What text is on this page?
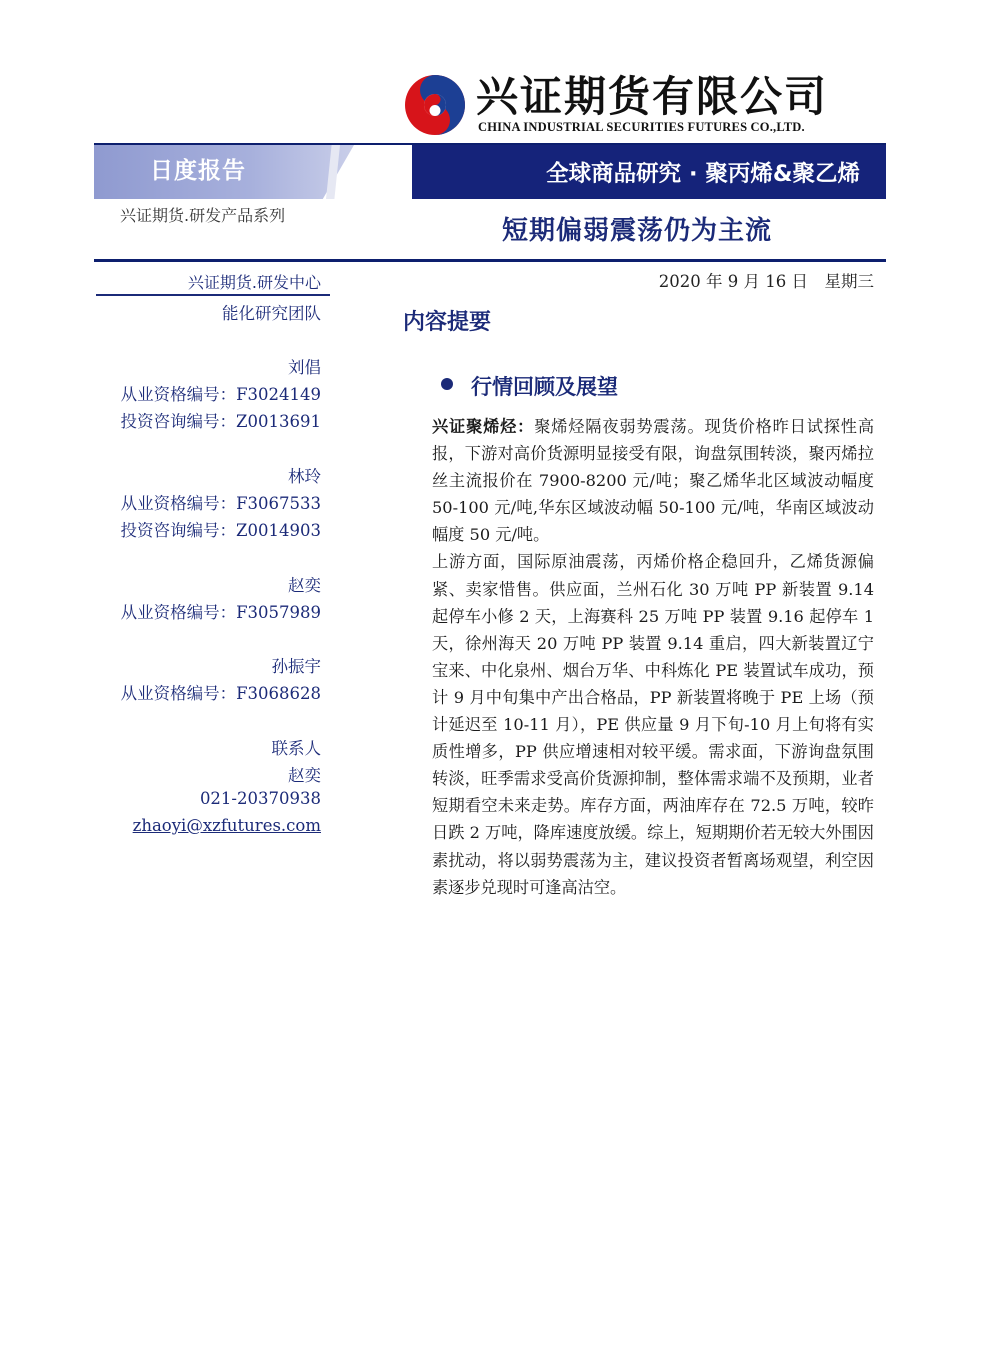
兴证期货有限公司
CHINA INDUSTRIAL SECURITIES FUTURES CO.,LTD.
日度报告	全球商品研究 · 聚丙烯&聚乙烯
兴证期货.研发产品系列
短期偏弱震荡仍为主流
兴证期货.研发中心
能化研究团队
刘倡
从业资格编号：F3024149
投资咨询编号：Z0013691
林玲
从业资格编号：F3067533
投资咨询编号：Z0014903
赵奕
从业资格编号：F3057989
孙振宇
从业资格编号：F3068628
联系人
赵奕
021-20370938
zhaoyi@xzfutures.com
2020 年 9 月 16 日　星期三
内容提要
行情回顾及展望

兴证聚烯烃：聚烯烃隔夜弱势震荡。现货价格昨日试探性高报，下游对高价货源明显接受有限，询盘氛围转淡，聚丙烯拉丝主流报价在 7900-8200 元/吨；聚乙烯华北区域波动幅度 50-100 元/吨,华东区域波动幅 50-100 元/吨，华南区域波动幅度 50 元/吨。

上游方面，国际原油震荡，丙烯价格企稳回升，乙烯货源偏紧、卖家惜售。供应面，兰州石化 30 万吨 PP 新装置 9.14 起停车小修 2 天，上海赛科 25 万吨 PP 装置 9.16 起停车 1 天，徐州海天 20 万吨 PP 装置 9.14 重启，四大新装置辽宁宝来、中化泉州、烟台万华、中科炼化 PE 装置试车成功，预计 9 月中旬集中产出合格品，PP 新装置将晚于 PE 上场（预计延迟至 10-11 月），PE 供应量 9 月下旬-10 月上旬将有实质性增多，PP 供应增速相对较平缓。需求面，下游询盘氛围转淡，旺季需求受高价货源抑制，整体需求端不及预期，业者短期看空未来走势。库存方面，两油库存在 72.5 万吨，较昨日跌 2 万吨，降库速度放缓。综上，短期期价若无较大外围因素扰动，将以弱势震荡为主，建议投资者暂离场观望，利空因素逐步兑现时可逢高沽空。
